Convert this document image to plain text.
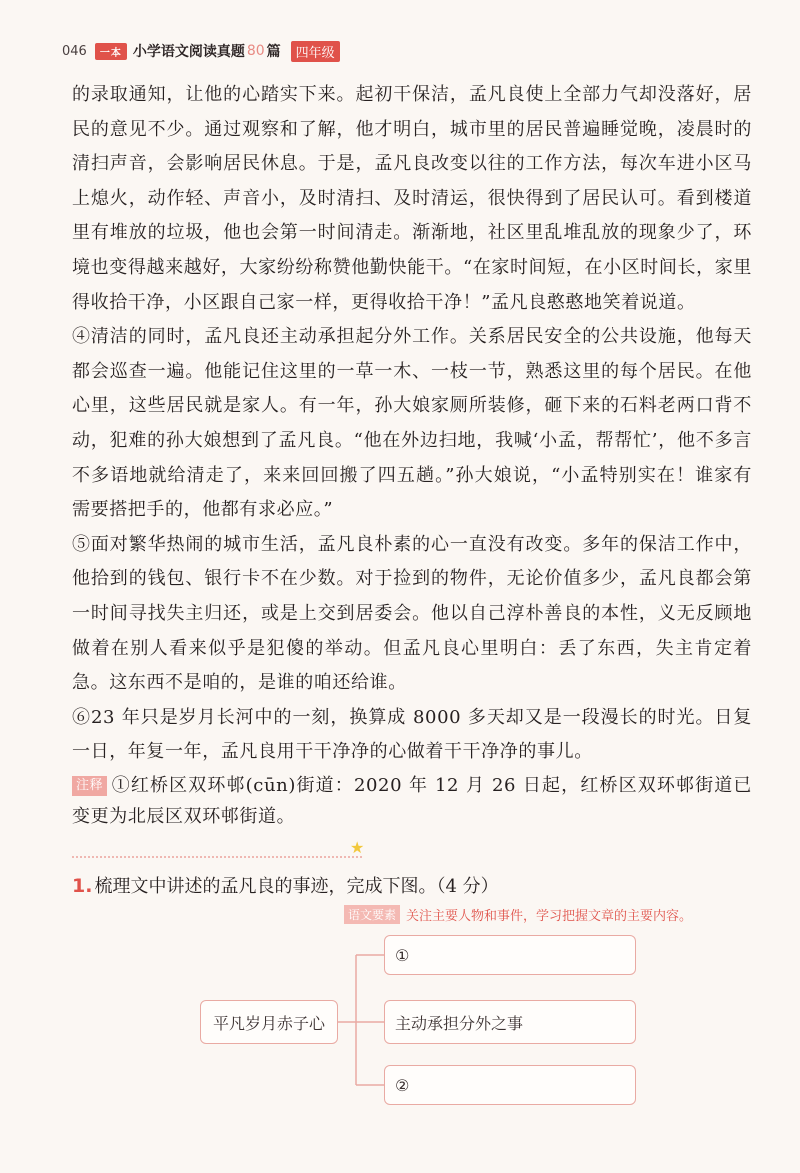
046	一本 小学语文阅读真题 80 篇	四年级

的录取通知，让他的心踏实下来。起初干保洁，孟凡良使上全部力气却没落好，居民的意见不少。通过观察和了解，他才明白，城市里的居民普遍睡觉晚，凌晨时的清扫声音，会影响居民休息。于是，孟凡良改变以往的工作方法，每次车进小区马上熄火，动作轻、声音小，及时清扫、及时清运，很快得到了居民认可。看到楼道里有堆放的垃圾，他也会第一时间清走。渐渐地，社区里乱堆乱放的现象少了，环境也变得越来越好，大家纷纷称赞他勤快能干。“在家时间短，在小区时间长，家里得收拾干净，小区跟自己家一样，更得收拾干净！”孟凡良憨憨地笑着说道。

④清洁的同时，孟凡良还主动承担起分外工作。关系居民安全的公共设施，他每天都会巡查一遍。他能记住这里的一草一木、一枝一节，熟悉这里的每个居民。在他心里，这些居民就是家人。有一年，孙大娘家厕所装修，砸下来的石料老两口背不动，犯难的孙大娘想到了孟凡良。“他在外边扫地，我喊‘小孟，帮帮忙’，他不多言不多语地就给清走了，来来回回搬了四五趟。”孙大娘说，“小孟特别实在！谁家有需要搭把手的，他都有求必应。”

⑤面对繁华热闹的城市生活，孟凡良朴素的心一直没有改变。多年的保洁工作中，他拾到的钱包、银行卡不在少数。对于捡到的物件，无论价值多少，孟凡良都会第一时间寻找失主归还，或是上交到居委会。他以自己淳朴善良的本性，义无反顾地做着在别人看来似乎是犯傻的举动。但孟凡良心里明白：丢了东西，失主肯定着急。这东西不是咱的，是谁的咱还给谁。

⑥23 年只是岁月长河中的一刻，换算成 8000 多天却又是一段漫长的时光。日复一日，年复一年，孟凡良用干干净净的心做着干干净净的事儿。

注释 ①红桥区双环邨(cūn)街道：2020 年 12 月 26 日起，红桥区双环邨街道已变更为北辰区双环邨街道。

★
1. 梳理文中讲述的孟凡良的事迹，完成下图。（4 分）
语文要素 关注主要人物和事件，学习把握文章的主要内容。
平凡岁月赤子心
①
主动承担分外之事
②
